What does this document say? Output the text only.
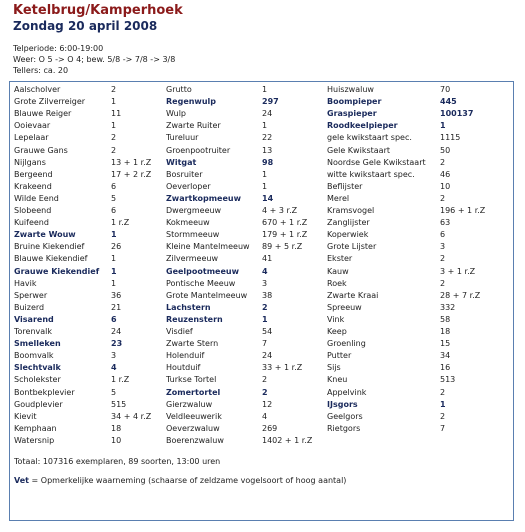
Ketelbrug/Kamperhoek
Zondag 20 april 2008
Telperiode: 6:00-19:00
Weer: O 5 -> O 4; bew. 5/8 -> 7/8 -> 3/8
Tellers: ca. 20
Aalscholver	2
Grote Zilverreiger	1
Blauwe Reiger	11
Ooievaar	1
Lepelaar	2
Grauwe Gans	2
Nijlgans	13 + 1 r.Z
Bergeend	17 + 2 r.Z
Krakeend	6
Wilde Eend	5
Slobeend	6
Kuifeend	1 r.Z
Zwarte Wouw	1
Bruine Kiekendief	26
Blauwe Kiekendief	1
Grauwe Kiekendief 1
Havik	1
Sperwer	36
Buizerd	21
Visarend	6
Torenvalk	24
Smelleken	23
Boomvalk	3
Slechtvalk	4
Scholekster	1 r.Z
Bontbekplevier	5
Goudplevier	515
Kievit	34 + 4 r.Z
Kemphaan	18
Watersnip	10
Grutto	1
Regenwulp	297
Wulp	24
Zwarte Ruiter	1
Tureluur	22
Groenpootruiter	13
Witgat	98
Bosruiter	1
Oeverloper	1
Zwartkopmeeuw	14
Dwergmeeuw	4 + 3 r.Z
Kokmeeuw	670 + 1 r.Z
Stormmeeuw	179 + 1 r.Z
Kleine Mantelmeeuw 89 + 5 r.Z
Zilvermeeuw	41
Geelpootmeeuw	4
Pontische Meeuw	3
Grote Mantelmeeuw 38
Lachstern	2
Reuzenstern	1
Visdief	54
Zwarte Stern	7
Holenduif	24
Houtduif	33 + 1 r.Z
Turkse Tortel	2
Zomertortel	2
Gierzwaluw	12
Veldleeuwerik	4
Oeverzwaluw	269
Boerenzwaluw	1402 + 1 r.Z
Huiszwaluw	70
Boompieper	445
Graspieper	100137
Roodkeelpieper	1
gele kwikstaart spec.	1115
Gele Kwikstaart	50
Noordse Gele Kwikstaart 2
witte kwikstaart spec.	46
Beflijster	10
Merel	2
Kramsvogel	196 + 1 r.Z
Zanglijster	63
Koperwiek	6
Grote Lijster	3
Ekster	2
Kauw	3 + 1 r.Z
Roek	2
Zwarte Kraai	28 + 7 r.Z
Spreeuw	332
Vink	58
Keep	18
Groenling	15
Putter	34
Sijs	16
Kneu	513
Appelvink	2
IJsgors	1
Geelgors	2
Rietgors	7
Totaal: 107316 exemplaren, 89 soorten, 13:00 uren
Vet = Opmerkelijke waarneming (schaarse of zeldzame vogelsoort of hoog aantal)
